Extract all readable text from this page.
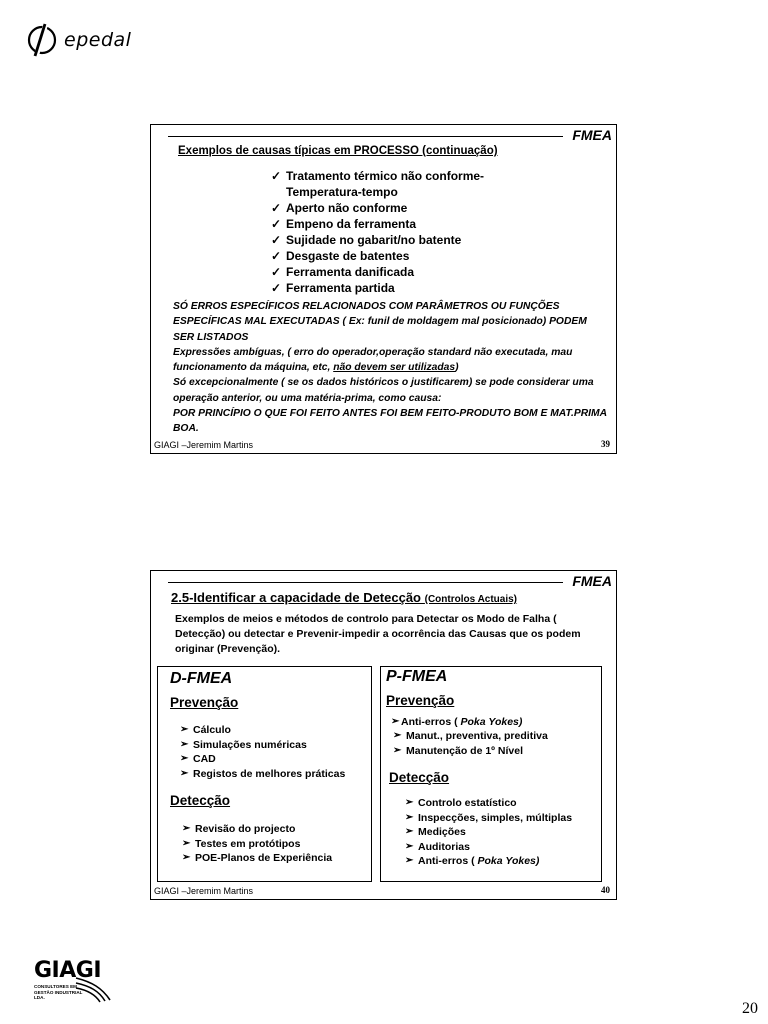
epedal
FMEA
Exemplos de causas típicas em PROCESSO (continuação)
✓ Tratamento térmico não conforme-
Temperatura-tempo
✓ Aperto não conforme
✓ Empeno da ferramenta
✓ Sujidade no gabarit/no batente
✓ Desgaste de batentes
✓ Ferramenta danificada
✓ Ferramenta partida

SÓ ERROS ESPECÍFICOS RELACIONADOS COM PARÂMETROS OU FUNÇÕES ESPECÍFICAS MAL EXECUTADAS ( Ex: funil de moldagem mal posicionado) PODEM SER LISTADOS

Expressões ambíguas, ( erro do operador,operação standard não executada, mau funcionamento da máquina, etc, não devem ser utilizadas)

Só excepcionalmente ( se os dados históricos o justificarem) se pode considerar uma operação anterior, ou uma matéria-prima, como causa:

POR PRINCÍPIO O QUE FOI FEITO ANTES FOI BEM FEITO-PRODUTO BOM E MAT.PRIMA BOA.

GIAGI –Jeremim Martins	39
FMEA
2.5-Identificar a capacidade de Detecção (Controlos Actuais)
Exemplos de meios e métodos de controlo para Detectar os Modo de Falha ( Detecção) ou detectar e Prevenir-impedir a ocorrência das Causas que os podem originar (Prevenção).
D-FMEA
Prevenção
➢ Cálculo
➢ Simulações numéricas
➢ CAD
➢ Registos de melhores práticas
Detecção
➢ Revisão do projecto
➢ Testes em protótipos
➢ POE-Planos de Experiência
P-FMEA
Prevenção
➢ Anti-erros ( Poka Yokes)
➢ Manut., preventiva, preditiva
➢ Manutenção de 1º Nível
Detecção
➢ Controlo estatístico
➢ Inspecções, simples, múltiplas
➢ Medições
➢ Auditorias
➢ Anti-erros ( Poka Yokes)
GIAGI –Jeremim Martins	40
GIAGI
CONSULTORES EM GESTÃO INDUSTRIAL LDA.
20
